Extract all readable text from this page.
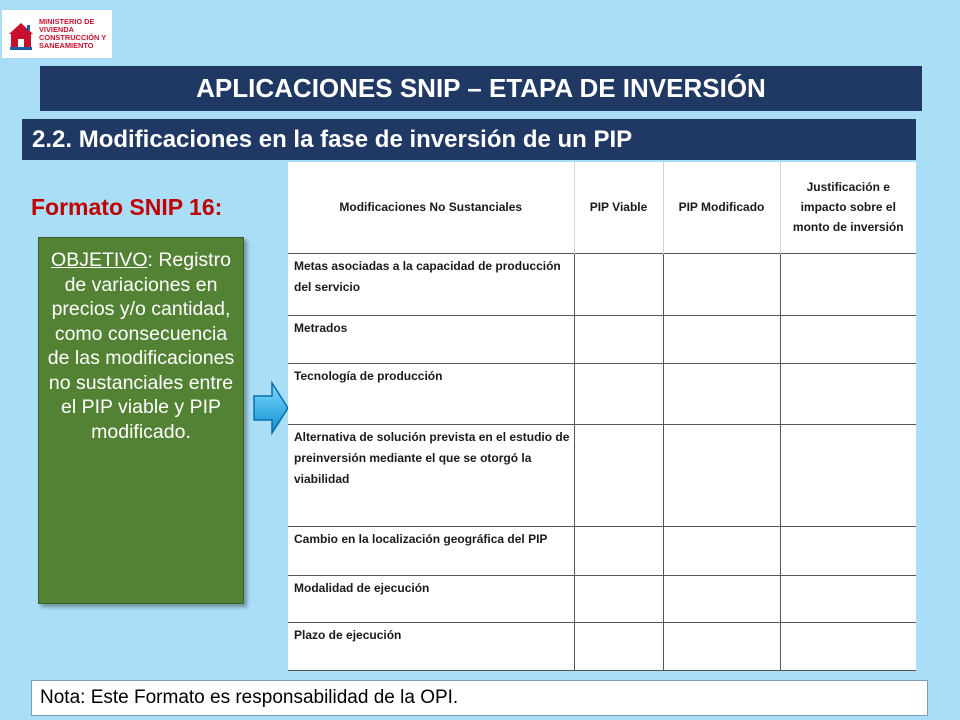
MINISTERIO DE
VIVIENDA
CONSTRUCCIÓN Y
SANEAMIENTO
APLICACIONES SNIP – ETAPA DE INVERSIÓN
2.2. Modificaciones en la fase de inversión de un PIP
Formato SNIP 16:
OBJETIVO: Registro de variaciones en precios y/o cantidad, como consecuencia de las modificaciones no sustanciales entre el PIP viable y PIP modificado.
Modificaciones No Sustanciales	PIP Viable	PIP Modificado	Justificación e impacto sobre el monto de inversión
Metas asociadas a la capacidad de producción del servicio			
Metrados			
Tecnología de producción			
Alternativa de solución prevista en el estudio de preinversión mediante el que se otorgó la viabilidad			
Cambio en la localización geográfica del PIP			
Modalidad de ejecución			
Plazo de ejecución			
Nota: Este Formato es responsabilidad de la OPI.
